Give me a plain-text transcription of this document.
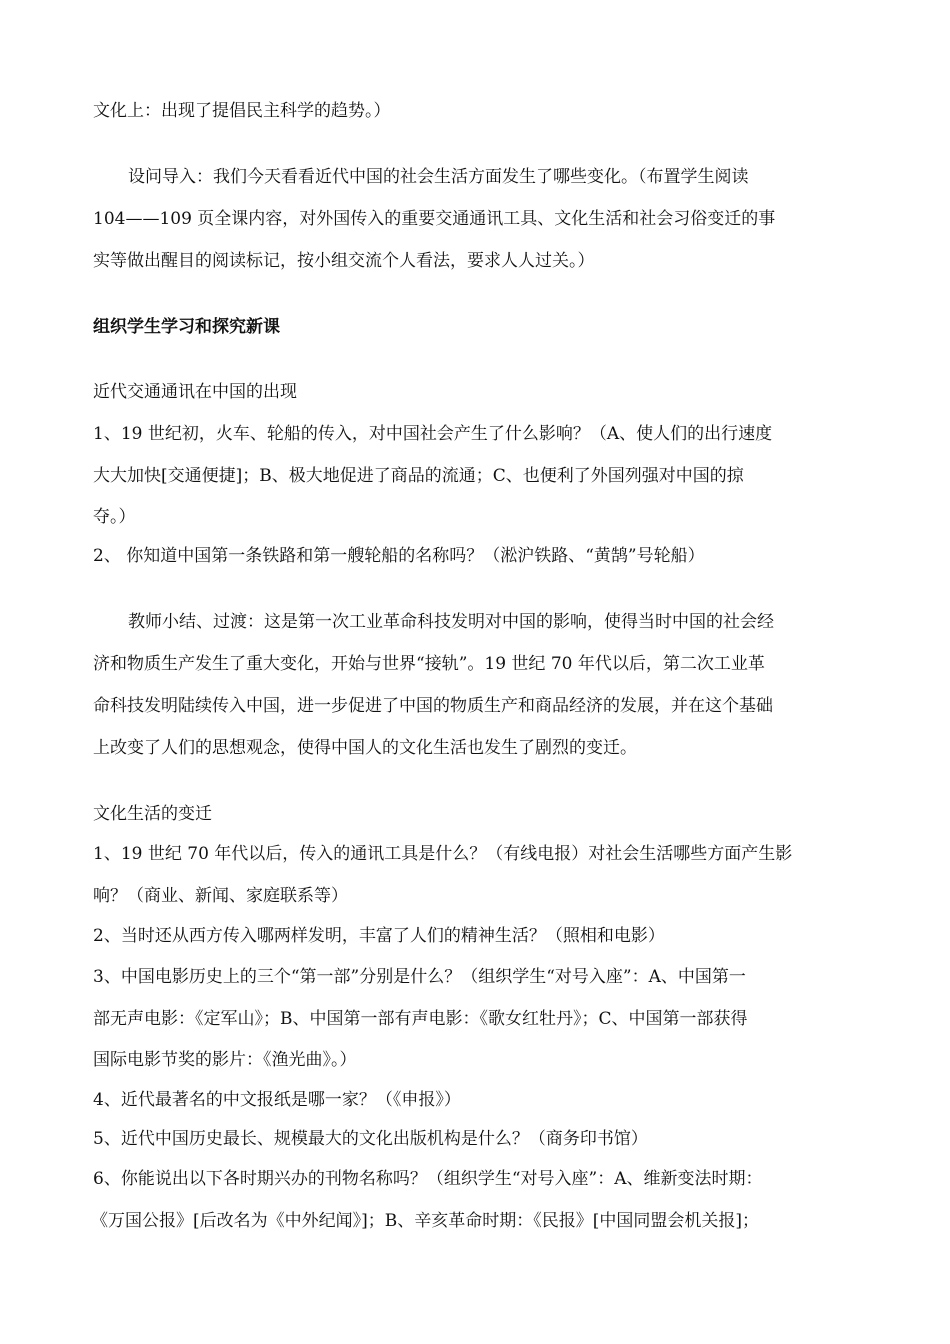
文化上：出现了提倡民主科学的趋势。）
设问导入：我们今天看看近代中国的社会生活方面发生了哪些变化。（布置学生阅读
104——109 页全课内容，对外国传入的重要交通通讯工具、文化生活和社会习俗变迁的事
实等做出醒目的阅读标记，按小组交流个人看法，要求人人过关。）
组织学生学习和探究新课
近代交通通讯在中国的出现
1、19 世纪初，火车、轮船的传入，对中国社会产生了什么影响？（A、使人们的出行速度
大大加快[交通便捷]；B、极大地促进了商品的流通；C、也便利了外国列强对中国的掠
夺。）
2、 你知道中国第一条铁路和第一艘轮船的名称吗？（淞沪铁路、“黄鹄”号轮船）
教师小结、过渡：这是第一次工业革命科技发明对中国的影响，使得当时中国的社会经
济和物质生产发生了重大变化，开始与世界“接轨”。19 世纪 70 年代以后，第二次工业革
命科技发明陆续传入中国，进一步促进了中国的物质生产和商品经济的发展，并在这个基础
上改变了人们的思想观念，使得中国人的文化生活也发生了剧烈的变迁。
文化生活的变迁
1、19 世纪 70 年代以后，传入的通讯工具是什么？（有线电报）对社会生活哪些方面产生影
响？（商业、新闻、家庭联系等）
2、当时还从西方传入哪两样发明，丰富了人们的精神生活？（照相和电影）
3、中国电影历史上的三个“第一部”分别是什么？（组织学生“对号入座”：A、中国第一
部无声电影：《定军山》；B、中国第一部有声电影：《歌女红牡丹》；C、中国第一部获得
国际电影节奖的影片：《渔光曲》。）
4、近代最著名的中文报纸是哪一家？（《申报》）
5、近代中国历史最长、规模最大的文化出版机构是什么？（商务印书馆）
6、你能说出以下各时期兴办的刊物名称吗？（组织学生“对号入座”：A、维新变法时期：
《万国公报》[后改名为《中外纪闻》]；B、辛亥革命时期：《民报》[中国同盟会机关报]；
